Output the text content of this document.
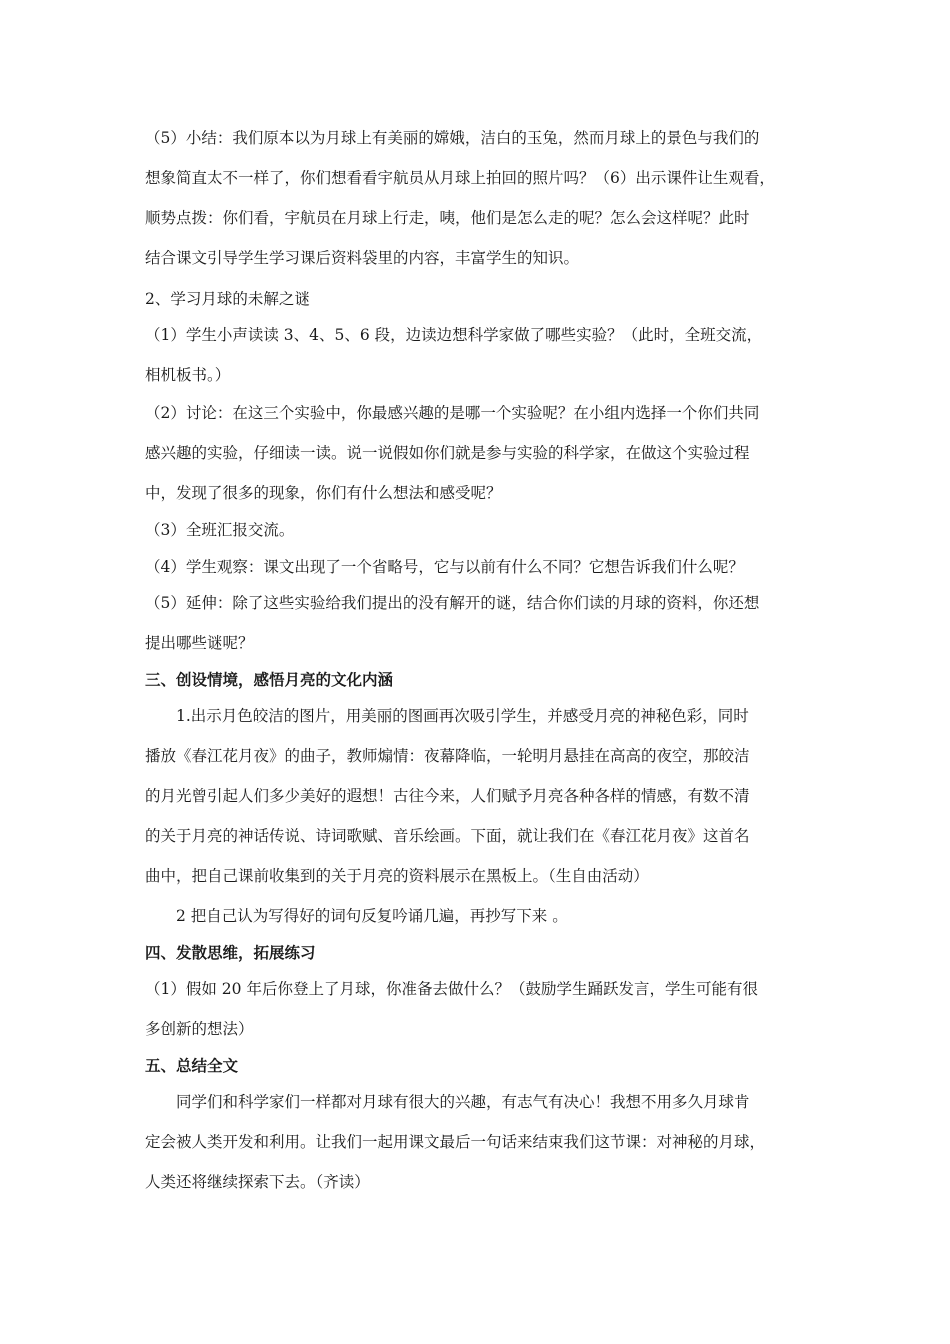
（5）小结：我们原本以为月球上有美丽的嫦娥，洁白的玉兔，然而月球上的景色与我们的
想象简直太不一样了，你们想看看宇航员从月球上拍回的照片吗？（6）出示课件让生观看，
顺势点拨：你们看，宇航员在月球上行走，咦，他们是怎么走的呢？怎么会这样呢？此时
结合课文引导学生学习课后资料袋里的内容，丰富学生的知识。
2、学习月球的未解之谜
（1）学生小声读读 3、4、5、6 段，边读边想科学家做了哪些实验？（此时，全班交流，
相机板书。）
（2）讨论：在这三个实验中，你最感兴趣的是哪一个实验呢？在小组内选择一个你们共同
感兴趣的实验，仔细读一读。说一说假如你们就是参与实验的科学家，在做这个实验过程
中，发现了很多的现象，你们有什么想法和感受呢？
（3）全班汇报交流。
（4）学生观察：课文出现了一个省略号，它与以前有什么不同？它想告诉我们什么呢？
（5）延伸：除了这些实验给我们提出的没有解开的谜，结合你们读的月球的资料，你还想
提出哪些谜呢？
三、创设情境，感悟月亮的文化内涵
1.出示月色皎洁的图片，用美丽的图画再次吸引学生，并感受月亮的神秘色彩，同时
播放《春江花月夜》的曲子，教师煽情：夜幕降临，一轮明月悬挂在高高的夜空，那皎洁
的月光曾引起人们多少美好的遐想！古往今来，人们赋予月亮各种各样的情感，有数不清
的关于月亮的神话传说、诗词歌赋、音乐绘画。下面，就让我们在《春江花月夜》这首名
曲中，把自己课前收集到的关于月亮的资料展示在黑板上。（生自由活动）
2 把自己认为写得好的词句反复吟诵几遍，再抄写下来 。
四、发散思维，拓展练习
（1）假如 20 年后你登上了月球，你准备去做什么？（鼓励学生踊跃发言，学生可能有很
多创新的想法）
五、总结全文
同学们和科学家们一样都对月球有很大的兴趣，有志气有决心！我想不用多久月球肯
定会被人类开发和利用。让我们一起用课文最后一句话来结束我们这节课：对神秘的月球，
人类还将继续探索下去。（齐读）
